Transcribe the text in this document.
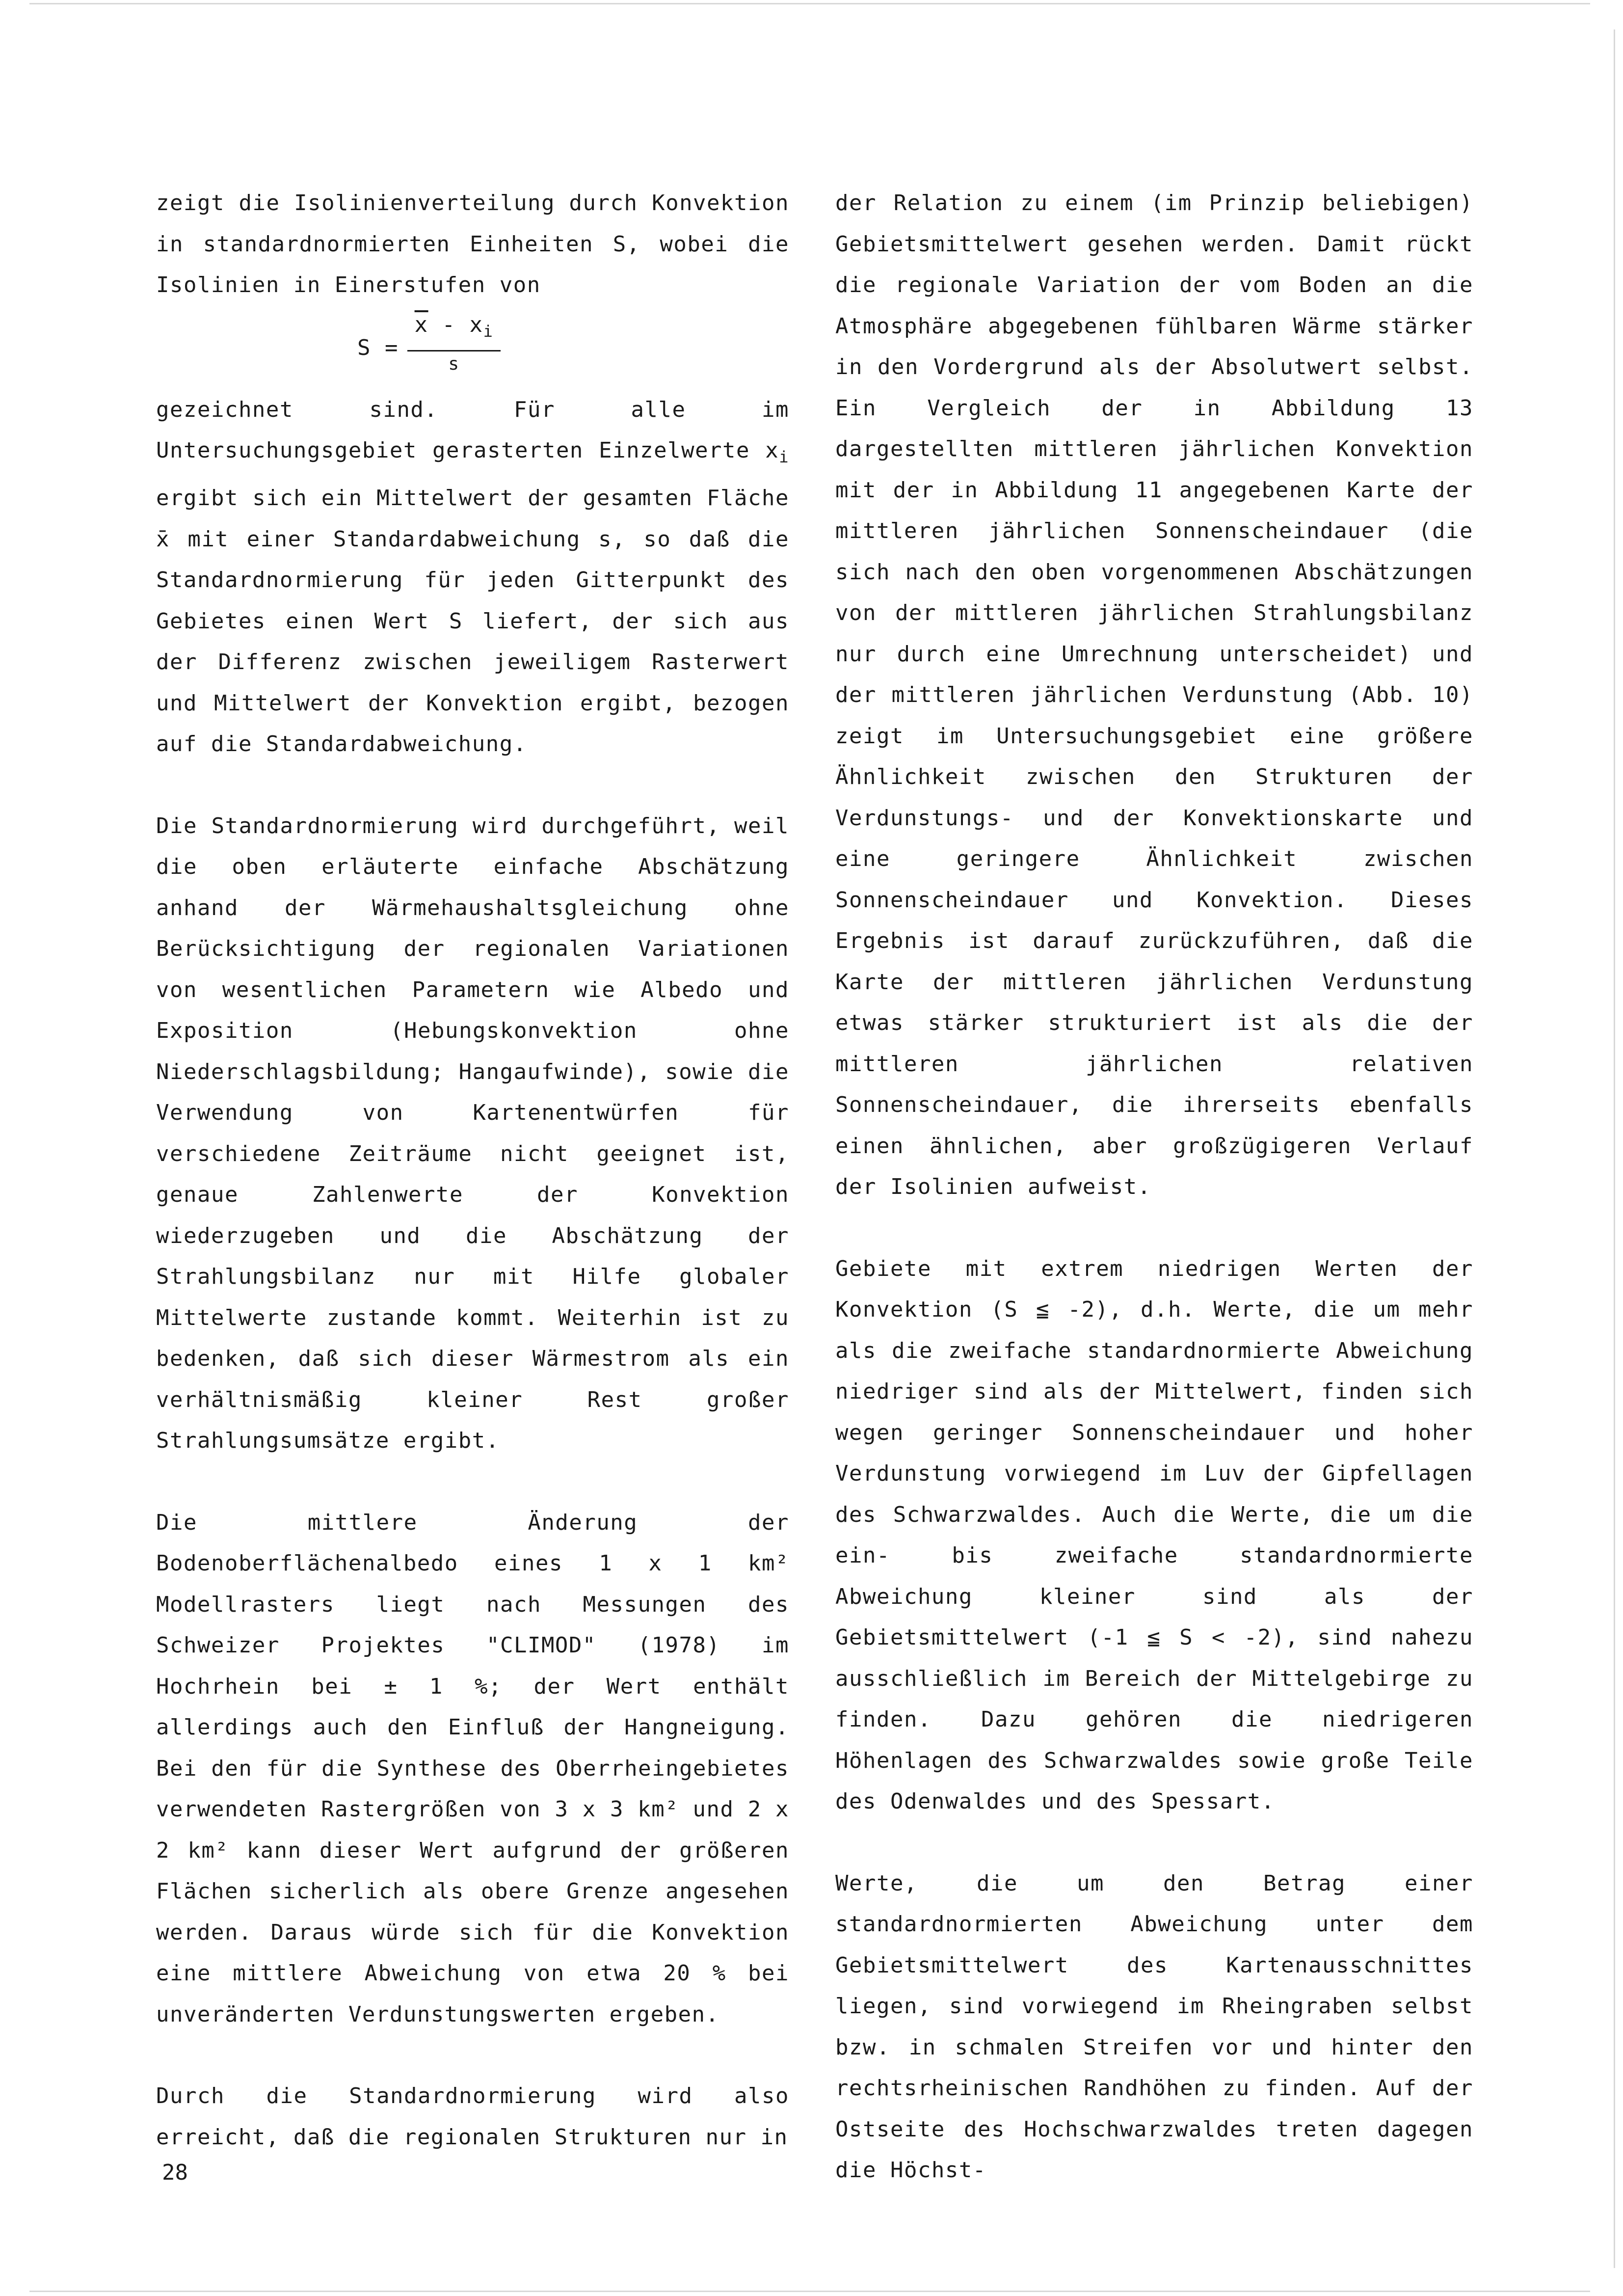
zeigt die Isolinienverteilung durch Konvektion in standardnormierten Einheiten S, wobei die Isolinien in Einerstufen von

S =
$\overline{x} - x_i$
s

gezeichnet sind. Für alle im Untersuchungsgebiet gerasterten Einzelwerte $x_i$ ergibt sich ein Mittelwert der gesamten Fläche x̄ mit einer Standardabweichung s, so daß die Standardnormierung für jeden Gitterpunkt des Gebietes einen Wert S liefert, der sich aus der Differenz zwischen jeweiligem Rasterwert und Mittelwert der Konvektion ergibt, bezogen auf die Standardabweichung.

Die Standardnormierung wird durchgeführt, weil die oben erläuterte einfache Abschätzung anhand der Wärmehaushaltsgleichung ohne Berücksichtigung der regionalen Variationen von wesentlichen Parametern wie Albedo und Exposition (Hebungskonvektion ohne Niederschlagsbildung; Hangaufwinde), sowie die Verwendung von Kartenentwürfen für verschiedene Zeiträume nicht geeignet ist, genaue Zahlenwerte der Konvektion wiederzugeben und die Abschätzung der Strahlungsbilanz nur mit Hilfe globaler Mittelwerte zustande kommt. Weiterhin ist zu bedenken, daß sich dieser Wärmestrom als ein verhältnismäßig kleiner Rest großer Strahlungsumsätze ergibt.

Die mittlere Änderung der Bodenoberflächenalbedo eines 1 x 1 km² Modellrasters liegt nach Messungen des Schweizer Projektes "CLIMOD" (1978) im Hochrhein bei ± 1 %; der Wert enthält allerdings auch den Einfluß der Hangneigung. Bei den für die Synthese des Oberrheingebietes verwendeten Rastergrößen von 3 x 3 km² und 2 x 2 km² kann dieser Wert aufgrund der größeren Flächen sicherlich als obere Grenze angesehen werden. Daraus würde sich für die Konvektion eine mittlere Abweichung von etwa 20 % bei unveränderten Verdunstungswerten ergeben.

Durch die Standardnormierung wird also erreicht, daß die regionalen Strukturen nur in

der Relation zu einem (im Prinzip beliebigen) Gebietsmittelwert gesehen werden. Damit rückt die regionale Variation der vom Boden an die Atmosphäre abgegebenen fühlbaren Wärme stärker in den Vordergrund als der Absolutwert selbst. Ein Vergleich der in Abbildung 13 dargestellten mittleren jährlichen Konvektion mit der in Abbildung 11 angegebenen Karte der mittleren jährlichen Sonnenscheindauer (die sich nach den oben vorgenommenen Abschätzungen von der mittleren jährlichen Strahlungsbilanz nur durch eine Umrechnung unterscheidet) und der mittleren jährlichen Verdunstung (Abb. 10) zeigt im Untersuchungsgebiet eine größere Ähnlichkeit zwischen den Strukturen der Verdunstungs- und der Konvektionskarte und eine geringere Ähnlichkeit zwischen Sonnenscheindauer und Konvektion. Dieses Ergebnis ist darauf zurückzuführen, daß die Karte der mittleren jährlichen Verdunstung etwas stärker strukturiert ist als die der mittleren jährlichen relativen Sonnenscheindauer, die ihrerseits ebenfalls einen ähnlichen, aber großzügigeren Verlauf der Isolinien aufweist.

Gebiete mit extrem niedrigen Werten der Konvektion (S ≦ -2), d.h. Werte, die um mehr als die zweifache standardnormierte Abweichung niedriger sind als der Mittelwert, finden sich wegen geringer Sonnenscheindauer und hoher Verdunstung vorwiegend im Luv der Gipfellagen des Schwarzwaldes. Auch die Werte, die um die ein- bis zweifache standardnormierte Abweichung kleiner sind als der Gebietsmittelwert (-1 ≦ S < -2), sind nahezu ausschließlich im Bereich der Mittelgebirge zu finden. Dazu gehören die niedrigeren Höhenlagen des Schwarzwaldes sowie große Teile des Odenwaldes und des Spessart.

Werte, die um den Betrag einer standardnormierten Abweichung unter dem Gebietsmittelwert des Kartenausschnittes liegen, sind vorwiegend im Rheingraben selbst bzw. in schmalen Streifen vor und hinter den rechtsrheinischen Randhöhen zu finden. Auf der Ostseite des Hochschwarzwaldes treten dagegen die Höchst-

28
